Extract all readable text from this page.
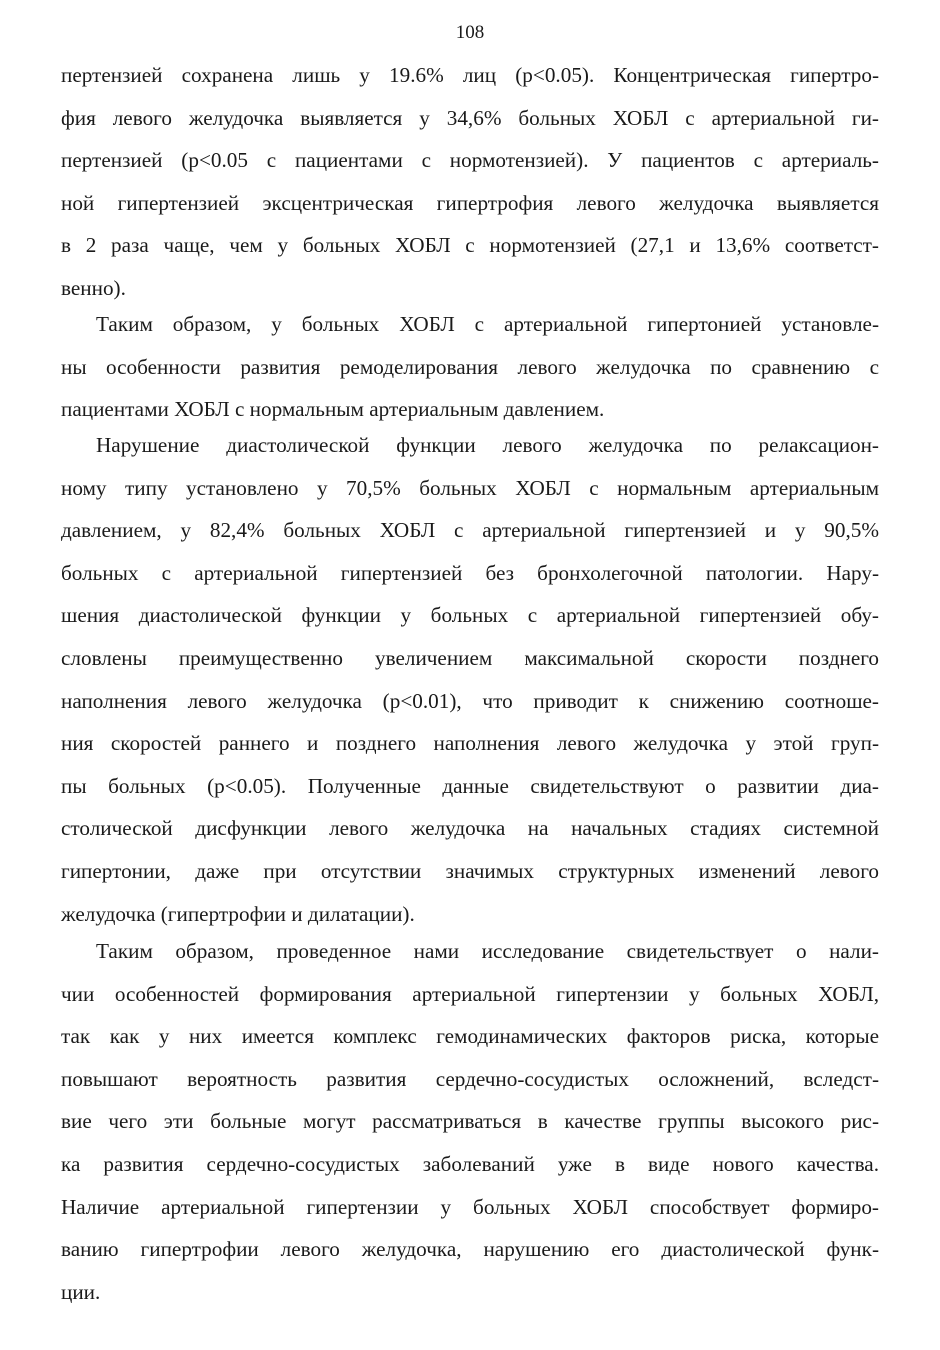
108
пертензией сохранена лишь у 19.6% лиц (р<0.05). Концентрическая гипертро-
фия левого желудочка выявляется у 34,6% больных ХОБЛ с артериальной ги-
пертензией (р<0.05 с пациентами с нормотензией). У пациентов с артериаль-
ной гипертензией эксцентрическая гипертрофия левого желудочка выявляется
в 2 раза чаще, чем у больных ХОБЛ с нормотензией (27,1 и 13,6% соответст-
венно).
Таким образом, у больных ХОБЛ с артериальной гипертонией установле-
ны особенности развития ремоделирования левого желудочка по сравнению с
пациентами ХОБЛ с нормальным артериальным давлением.
Нарушение диастолической функции левого желудочка по релаксацион-
ному типу установлено у 70,5% больных ХОБЛ с нормальным артериальным
давлением, у 82,4% больных ХОБЛ с артериальной гипертензией и у 90,5%
больных с артериальной гипертензией без бронхолегочной патологии. Нару-
шения диастолической функции у больных с артериальной гипертензией обу-
словлены преимущественно увеличением максимальной скорости позднего
наполнения левого желудочка (р<0.01), что приводит к снижению соотноше-
ния скоростей раннего и позднего наполнения левого желудочка у этой груп-
пы больных (р<0.05). Полученные данные свидетельствуют о развитии диа-
столической дисфункции левого желудочка на начальных стадиях системной
гипертонии, даже при отсутствии значимых структурных изменений левого
желудочка (гипертрофии и дилатации).
Таким образом, проведенное нами исследование свидетельствует о нали-
чии особенностей формирования артериальной гипертензии у больных ХОБЛ,
так как у них имеется комплекс гемодинамических факторов риска, которые
повышают вероятность развития сердечно-сосудистых осложнений, вследст-
вие чего эти больные могут рассматриваться в качестве группы высокого рис-
ка развития сердечно-сосудистых заболеваний уже в виде нового качества.
Наличие артериальной гипертензии у больных ХОБЛ способствует формиро-
ванию гипертрофии левого желудочка, нарушению его диастолической функ-
ции.
